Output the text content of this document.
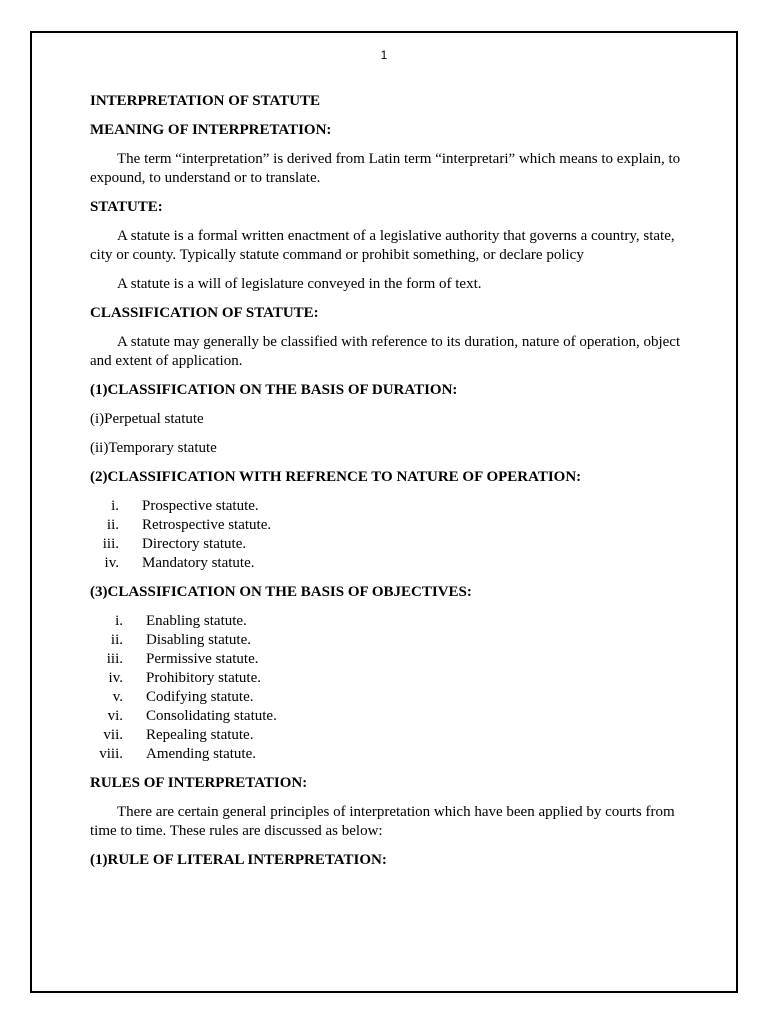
1
INTERPRETATION OF STATUTE
MEANING OF INTERPRETATION:
The term “interpretation” is derived from Latin term “interpretari” which means to explain, to expound, to understand or to translate.
STATUTE:
A statute is a formal written enactment of a legislative authority that governs a country, state, city or county. Typically statute command or prohibit something, or declare policy
A statute is a will of legislature conveyed in the form of text.
CLASSIFICATION OF STATUTE:
A statute may generally be classified with reference to its duration, nature of operation, object and extent of application.
(1)CLASSIFICATION ON THE BASIS OF DURATION:
(i)Perpetual statute
(ii)Temporary statute
(2)CLASSIFICATION WITH REFRENCE TO NATURE OF OPERATION:
i. Prospective statute.
ii. Retrospective statute.
iii. Directory statute.
iv. Mandatory statute.
(3)CLASSIFICATION ON THE BASIS OF OBJECTIVES:
i. Enabling statute.
ii. Disabling statute.
iii. Permissive statute.
iv. Prohibitory statute.
v. Codifying statute.
vi. Consolidating statute.
vii. Repealing statute.
viii. Amending statute.
RULES OF INTERPRETATION:
There are certain general principles of interpretation which have been applied by courts from time to time. These rules are discussed as below:
(1)RULE OF LITERAL INTERPRETATION:
